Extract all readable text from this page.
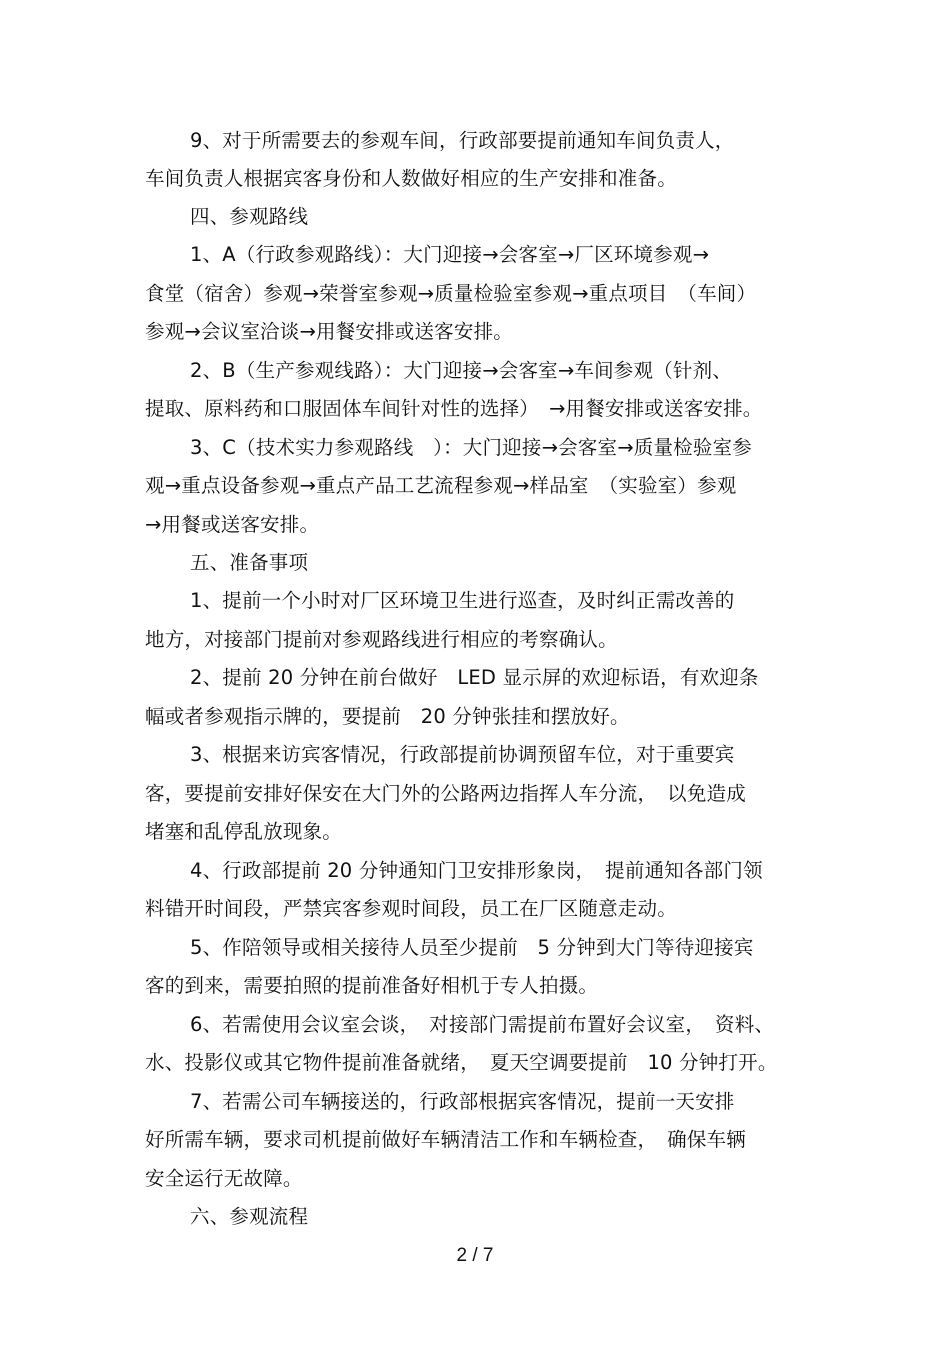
9、对于所需要去的参观车间，行政部要提前通知车间负责人，
车间负责人根据宾客身份和人数做好相应的生产安排和准备。
四、参观路线
1、A（行政参观路线）：大门迎接→会客室→厂区环境参观→
食堂（宿舍）参观→荣誉室参观→质量检验室参观→重点项目　（车间）
参观→会议室洽谈→用餐安排或送客安排。
2、B（生产参观线路）：大门迎接→会客室→车间参观（针剂、
提取、原料药和口服固体车间针对性的选择）　→用餐安排或送客安排。
3、C（技术实力参观路线　）：大门迎接→会客室→质量检验室参
观→重点设备参观→重点产品工艺流程参观→样品室　（实验室）参观
→用餐或送客安排。
五、准备事项
1、提前一个小时对厂区环境卫生进行巡查，及时纠正需改善的
地方，对接部门提前对参观路线进行相应的考察确认。
2、提前 20 分钟在前台做好　LED 显示屏的欢迎标语，有欢迎条
幅或者参观指示牌的，要提前　20 分钟张挂和摆放好。
3、根据来访宾客情况，行政部提前协调预留车位，对于重要宾
客，要提前安排好保安在大门外的公路两边指挥人车分流，　以免造成
堵塞和乱停乱放现象。
4、行政部提前 20 分钟通知门卫安排形象岗，　提前通知各部门领
料错开时间段，严禁宾客参观时间段，员工在厂区随意走动。
5、作陪领导或相关接待人员至少提前　5 分钟到大门等待迎接宾
客的到来，需要拍照的提前准备好相机于专人拍摄。
6、若需使用会议室会谈，　对接部门需提前布置好会议室，　资料、
水、投影仪或其它物件提前准备就绪，　夏天空调要提前　10 分钟打开。
7、若需公司车辆接送的，行政部根据宾客情况，提前一天安排
好所需车辆，要求司机提前做好车辆清洁工作和车辆检查，　确保车辆
安全运行无故障。
六、参观流程
2 / 7
